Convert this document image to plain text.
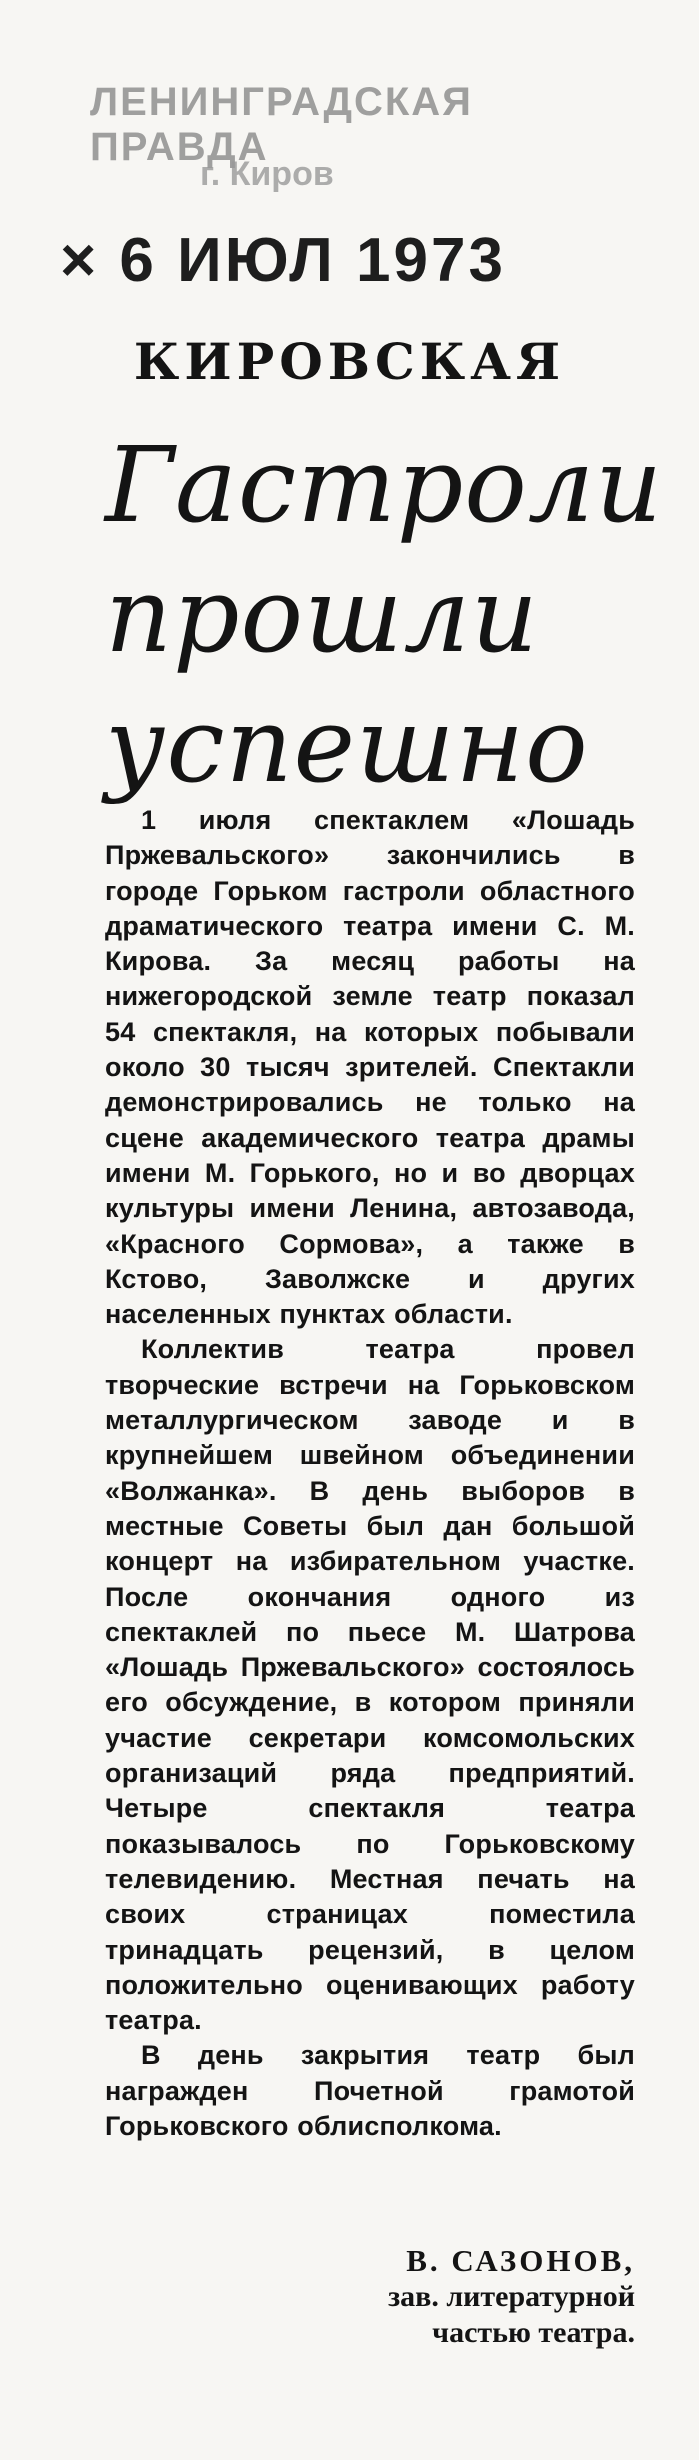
ЛЕНИНГРАДСКАЯ ПРАВДА
г. Киров
× 6 ИЮЛ 1973
КИРОВСКАЯ
Гастроли
прошли
успешно

1 июля спектаклем «Лошадь Пржевальского» закончились в городе Горьком гастроли областного драматического театра имени С. М. Кирова. За месяц работы на нижегородской земле театр показал 54 спектакля, на которых побывали около 30 тысяч зрителей. Спектакли демонстрировались не только на сцене академического театра драмы имени М. Горького, но и во дворцах культуры имени Ленина, автозавода, «Красного Сормова», а также в Кстово, Заволжске и других населенных пунктах области.

Коллектив театра провел творческие встречи на Горьковском металлургическом заводе и в крупнейшем швейном объединении «Волжанка». В день выборов в местные Советы был дан большой концерт на избирательном участке. После окончания одного из спектаклей по пьесе М. Шатрова «Лошадь Пржевальского» состоялось его обсуждение, в котором приняли участие секретари комсомольских организаций ряда предприятий. Четыре спектакля театра показывалось по Горьковскому телевидению. Местная печать на своих страницах поместила тринадцать рецензий, в целом положительно оценивающих работу театра.

В день закрытия театр был награжден Почетной грамотой Горьковского облисполкома.

В. САЗОНОВ,
зав. литературной
частью театра.
